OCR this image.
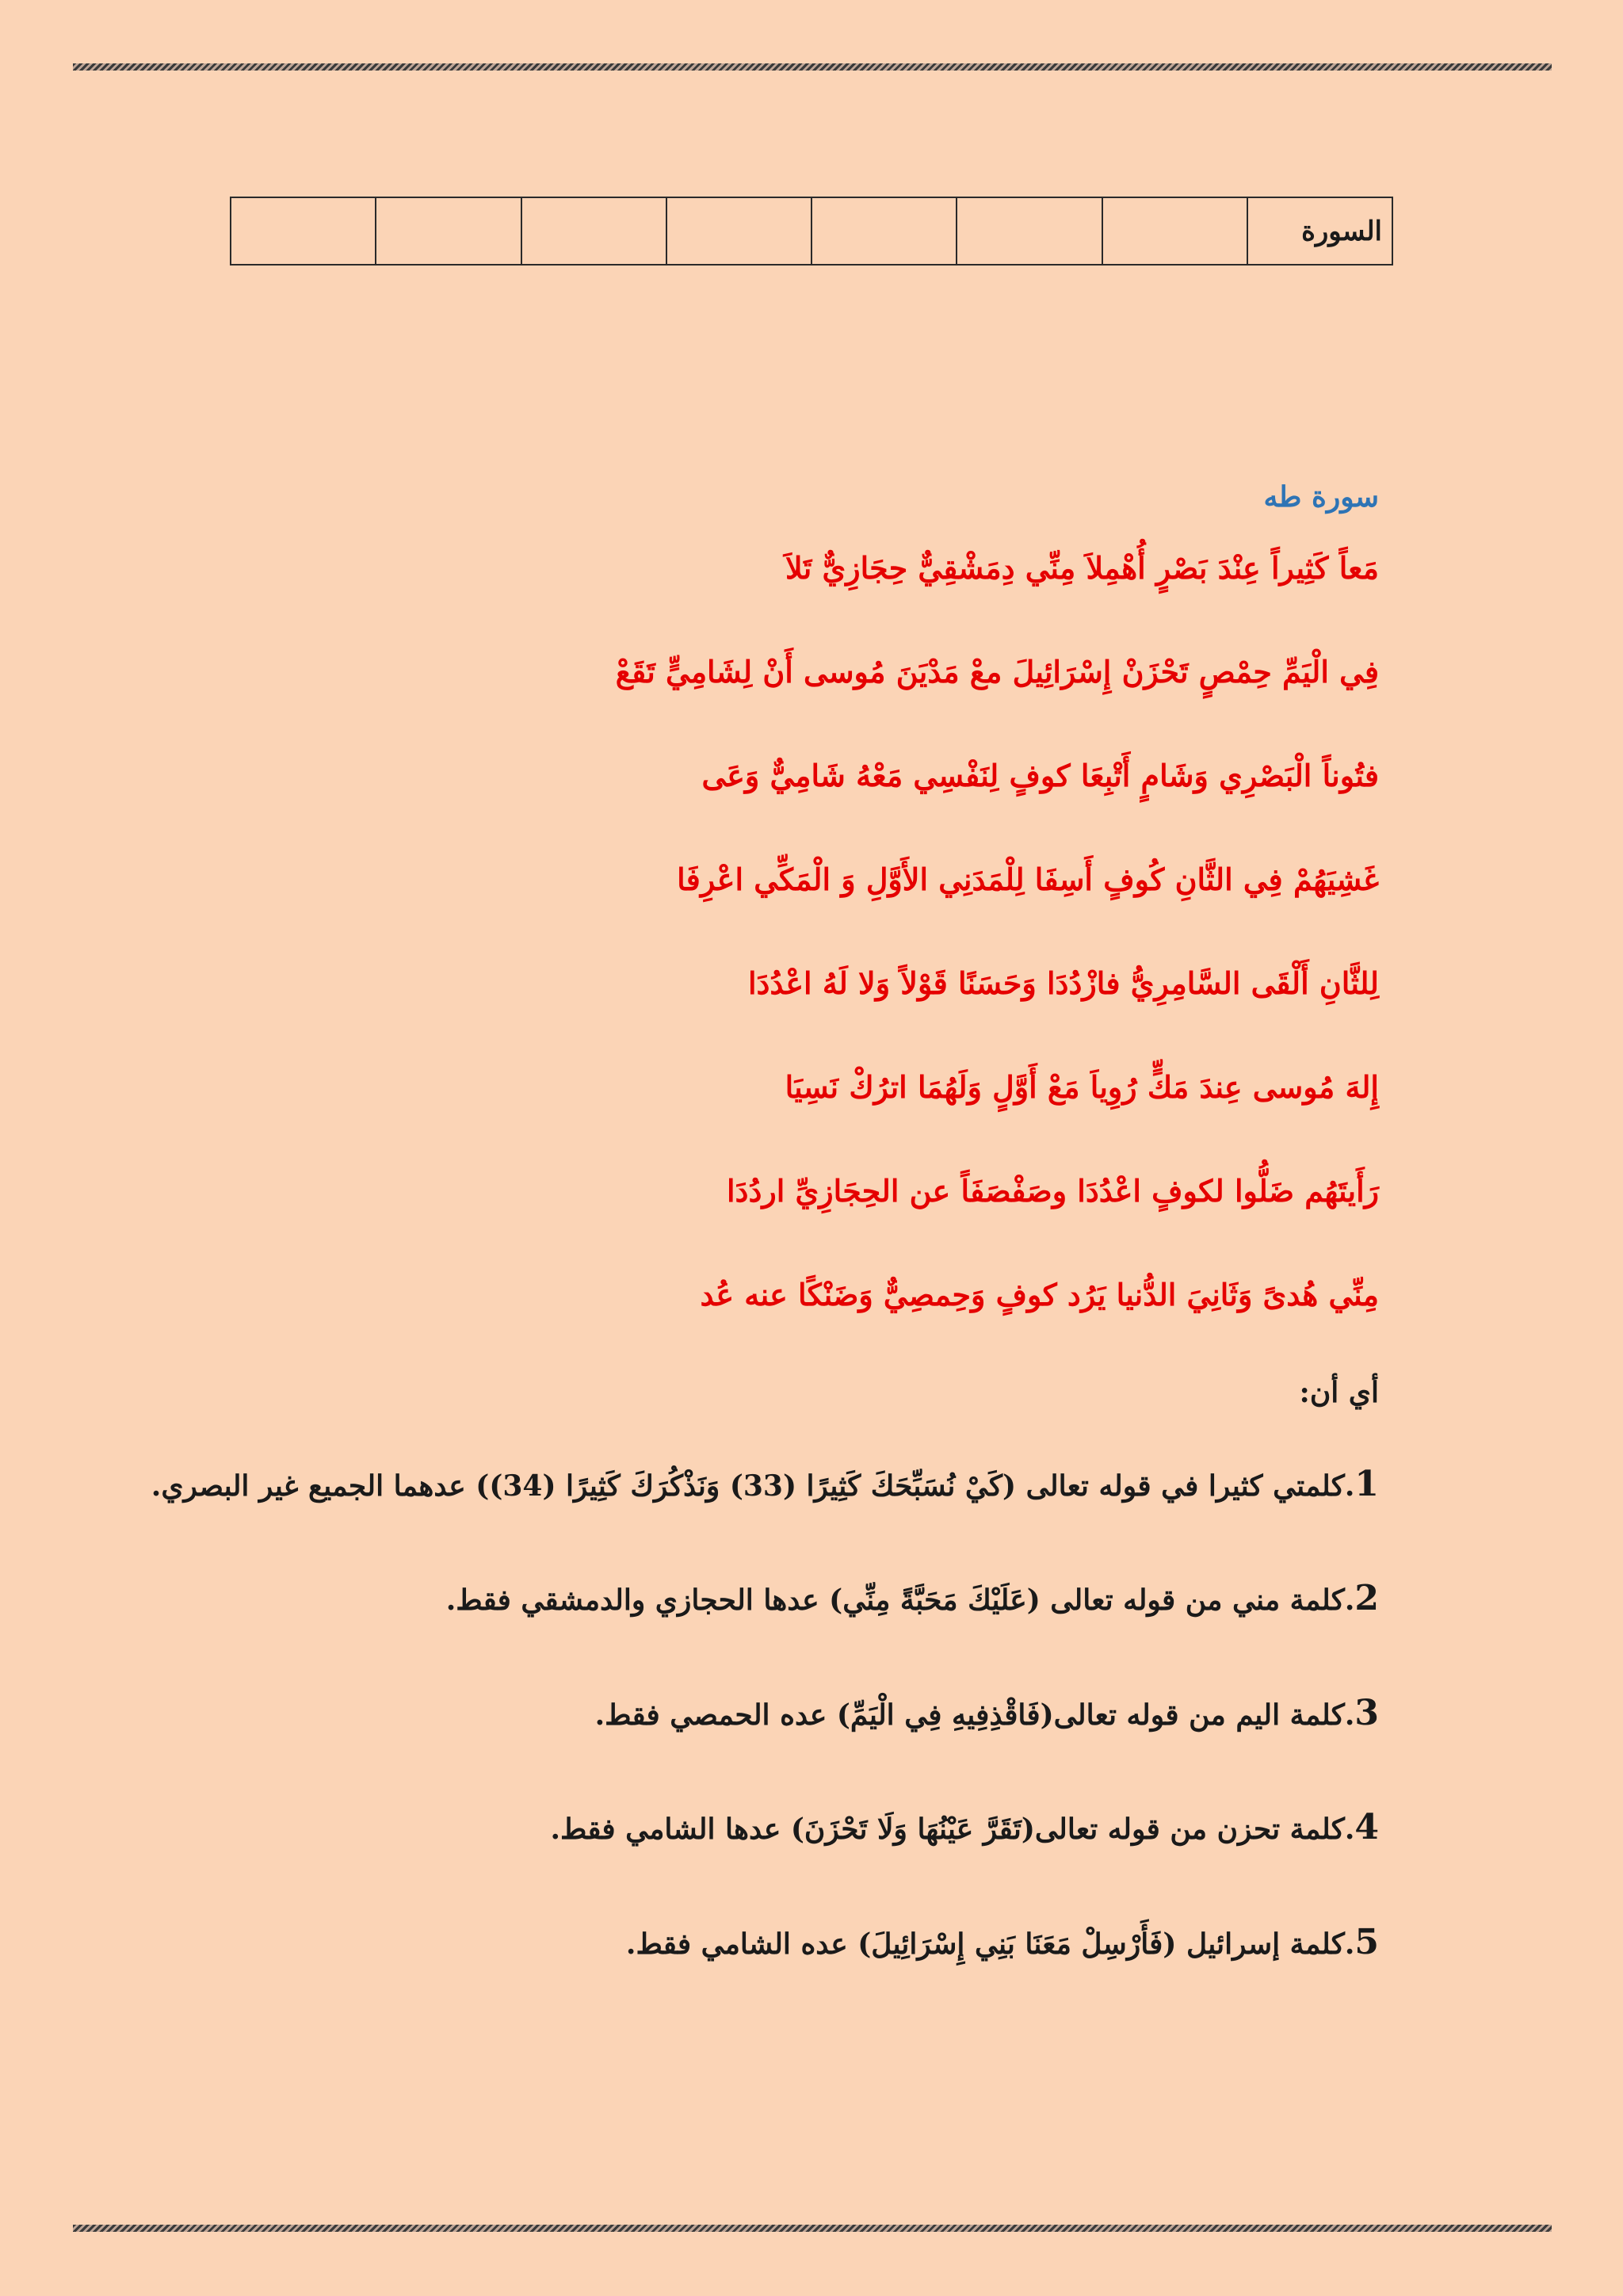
السورة							

سورة طه

مَعاً كَثِيراً عِنْدَ بَصْرٍ أُهْمِلاَ مِنِّي دِمَشْقِيٌّ حِجَازِيٌّ تَلاَ

فِي الْيَمِّ حِمْصٍ تَحْزَنْ إِسْرَائِيلَ معْ مَدْيَنَ مُوسى أَنْ لِشَامِيٍّ تَقَعْ

فتُوناً الْبَصْرِي وَشَامٍ أَتْبِعَا كوفٍ لِنَفْسِي مَعْهُ شَامِيٌّ وَعَى

غَشِيَهُمْ فِي الثَّانِ كُوفٍ أَسِفَا لِلْمَدَنِي الأَوَّلِ وَ الْمَكِّي اعْرِفَا

لِلثَّانِ أَلْقَى السَّامِرِيُّ فازْدُدَا وَحَسَنًا قَوْلاً وَلا لَهُ اعْدُدَا

إِلهَ مُوسى عِندَ مَكٍّ رُوِياَ مَعْ أَوَّلٍ وَلَهُمَا اترُكْ نَسِيَا

رَأَيتَهُم ضَلُّوا لكوفٍ اعْدُدَا وصَفْصَفَاً عن الحِجَازِيِّ اردُدَا

مِنِّي هُدىً وَثَانِيَ الدُّنيا يَرُد كوفٍ وَحِمصِيٌّ وَضَنْكًا عنه عُد

أي أن:

1.كلمتي كثيرا في قوله تعالى (كَيْ نُسَبِّحَكَ كَثِيرًا (33) وَنَذْكُرَكَ كَثِيرًا (34)) عدهما الجميع غير البصري.

2.كلمة مني من قوله تعالى (عَلَيْكَ مَحَبَّةً مِنِّي) عدها الحجازي والدمشقي فقط.

3.كلمة اليم من قوله تعالى(فَاقْذِفِيهِ فِي الْيَمِّ) عده الحمصي فقط.

4.كلمة تحزن من قوله تعالى(تَقَرَّ عَيْنُهَا وَلَا تَحْزَنَ) عدها الشامي فقط.

5.كلمة إسرائيل (فَأَرْسِلْ مَعَنَا بَنِي إِسْرَائِيلَ) عده الشامي فقط.
